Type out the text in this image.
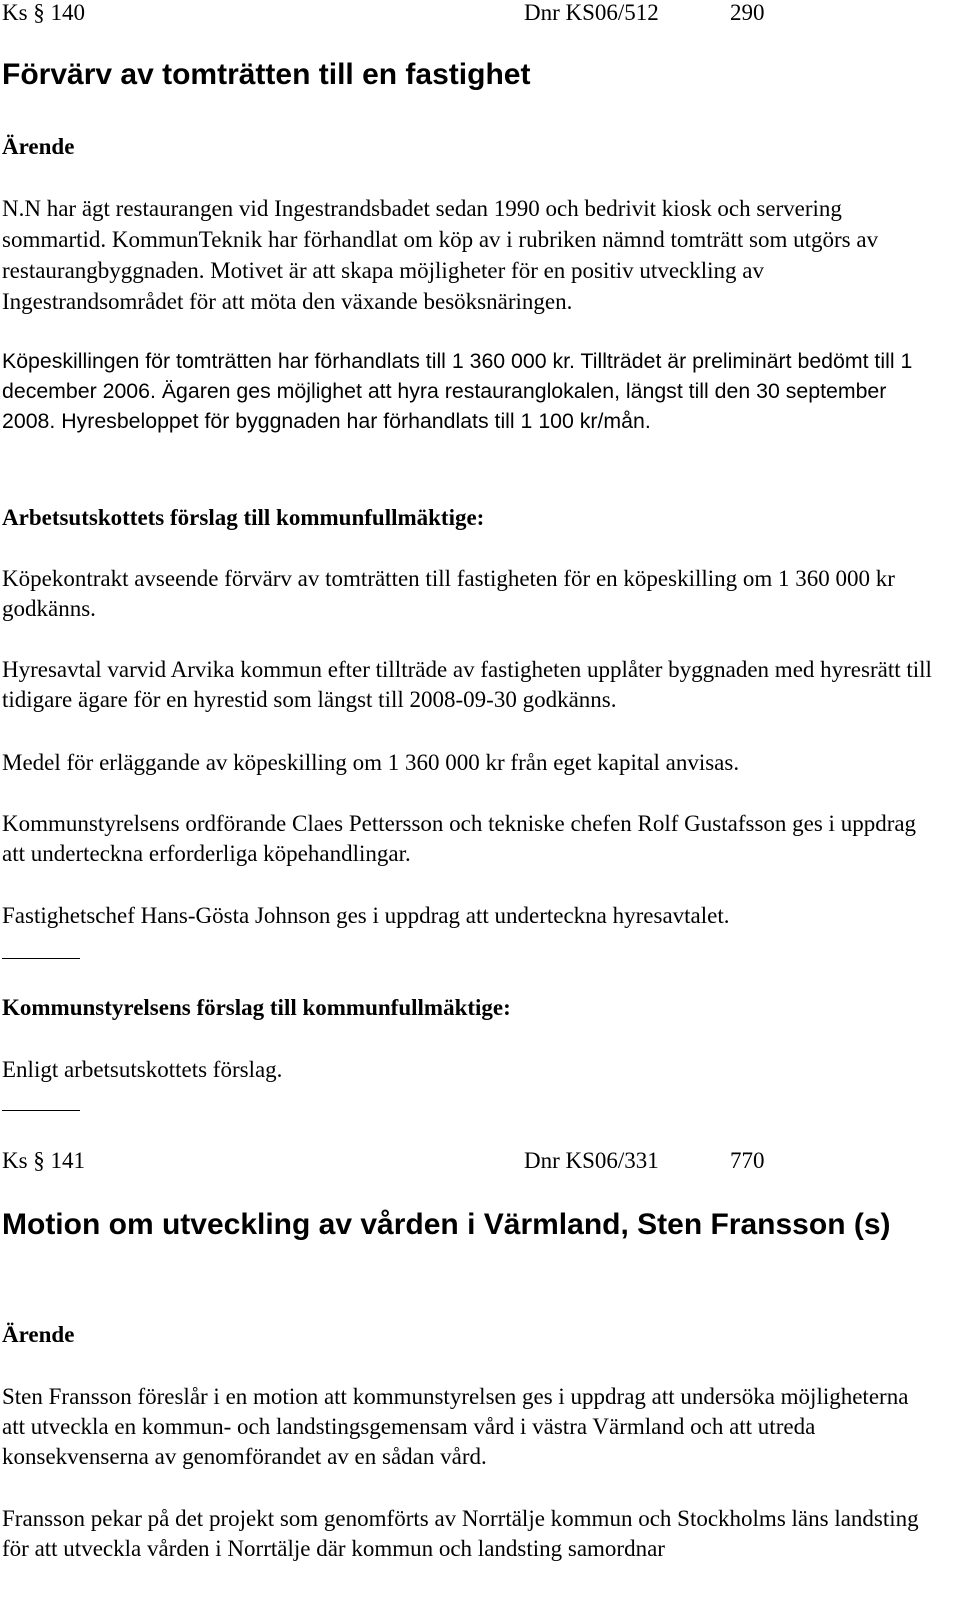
Ks § 140	Dnr KS06/512	290
Förvärv av tomträtten till en fastighet
Ärende

N.N har ägt restaurangen vid Ingestrandsbadet sedan 1990 och bedrivit kiosk och servering sommartid. KommunTeknik har förhandlat om köp av i rubriken nämnd tomträtt som utgörs av restaurangbyggnaden. Motivet är att skapa möjligheter för en positiv utveckling av Ingestrandsområdet för att möta den växande besöksnäringen.

Köpeskillingen för tomträtten har förhandlats till 1 360 000 kr. Tillträdet är preliminärt bedömt till 1 december 2006. Ägaren ges möjlighet att hyra restauranglokalen, längst till den 30 september 2008. Hyresbeloppet för byggnaden har förhandlats till 1 100 kr/mån.

Arbetsutskottets förslag till kommunfullmäktige:

Köpekontrakt avseende förvärv av tomträtten till fastigheten för en köpeskilling om 1 360 000 kr godkänns.

Hyresavtal varvid Arvika kommun efter tillträde av fastigheten upplåter byggnaden med hyresrätt till tidigare ägare för en hyrestid som längst till 2008-09-30 godkänns.

Medel för erläggande av köpeskilling om 1 360 000 kr från eget kapital anvisas.

Kommunstyrelsens ordförande Claes Pettersson och tekniske chefen Rolf Gustafsson ges i uppdrag att underteckna erforderliga köpehandlingar.

Fastighetschef Hans-Gösta Johnson ges i uppdrag att underteckna hyresavtalet.

Kommunstyrelsens förslag till kommunfullmäktige:

Enligt arbetsutskottets förslag.

Ks § 141	Dnr KS06/331	770
Motion om utveckling av vården i Värmland, Sten Fransson (s)
Ärende

Sten Fransson föreslår i en motion att kommunstyrelsen ges i uppdrag att undersöka möjligheterna att utveckla en kommun- och landstingsgemensam vård i västra Värmland och att utreda konsekvenserna av genomförandet av en sådan vård.

Fransson pekar på det projekt som genomförts av Norrtälje kommun och Stockholms läns landsting för att utveckla vården i Norrtälje där kommun och landsting samordnar
